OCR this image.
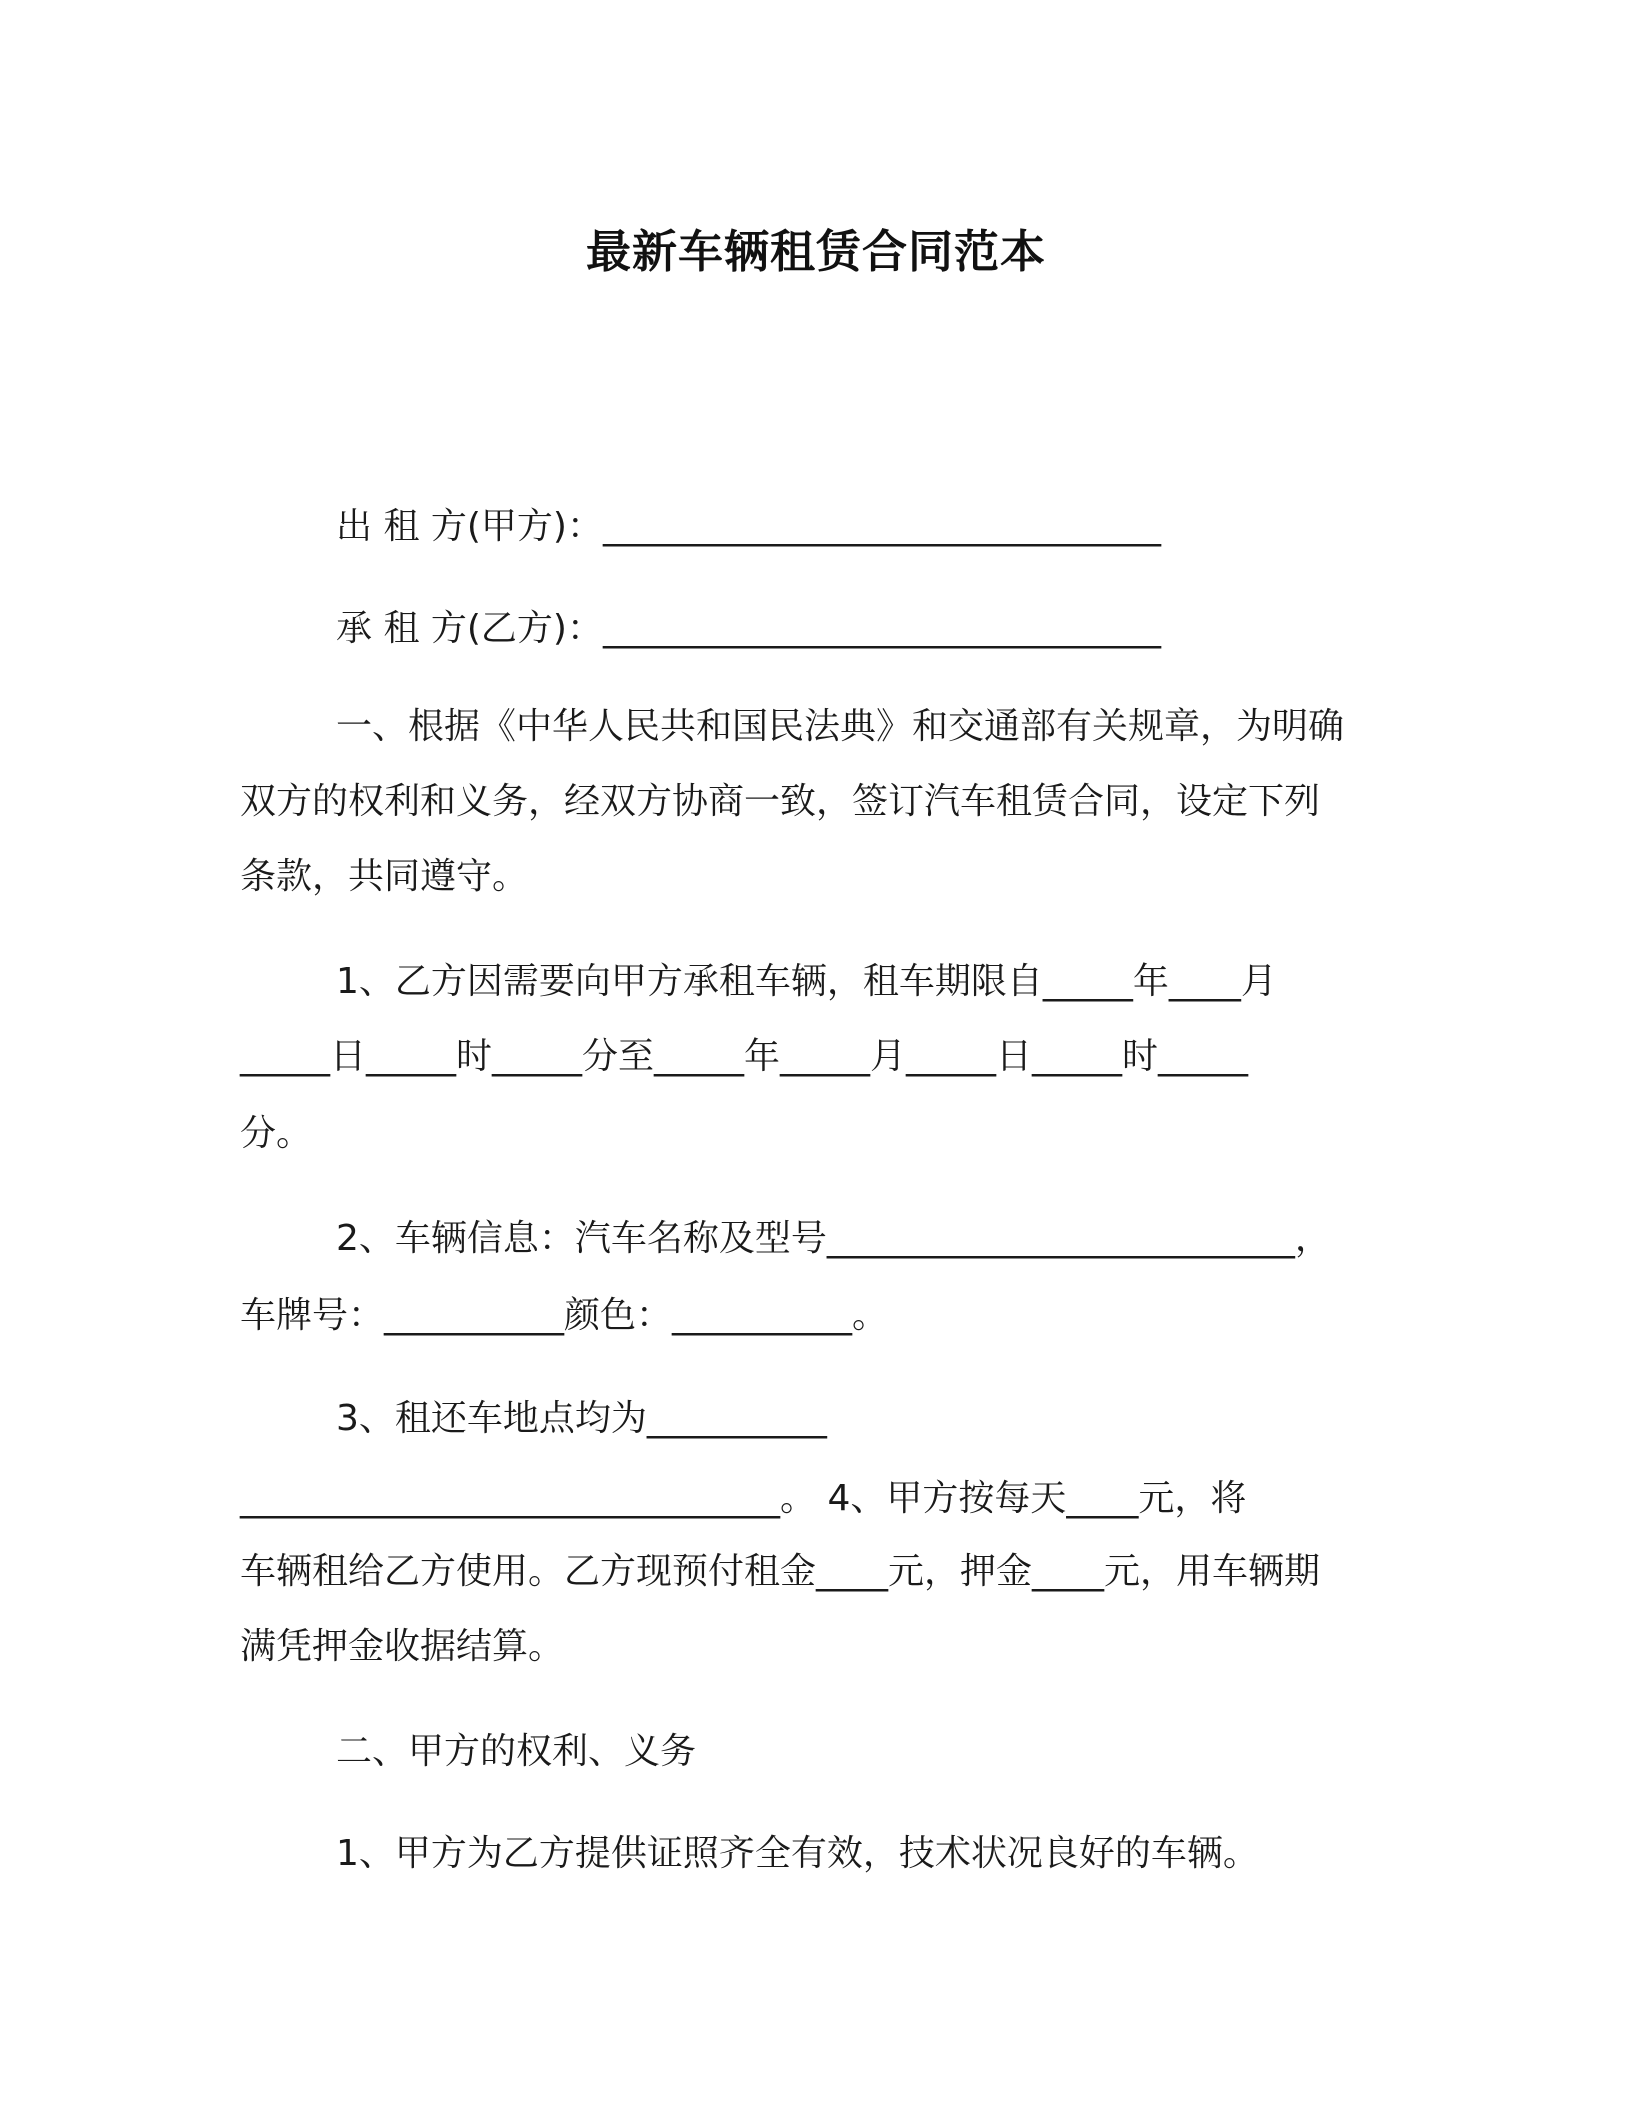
最新车辆租赁合同范本
出 租 方(甲方)：_______________________________
承 租 方(乙方)：_______________________________
一、根据《中华人民共和国民法典》和交通部有关规章，为明确
双方的权利和义务，经双方协商一致，签订汽车租赁合同，设定下列
条款，共同遵守。
1、乙方因需要向甲方承租车辆，租车期限自_____年____月
_____日_____时_____分至_____年_____月_____日_____时_____
分。
2、车辆信息：汽车名称及型号__________________________，
车牌号：__________颜色：__________。
3、租还车地点均为__________
______________________________。 4、甲方按每天____元，将
车辆租给乙方使用。乙方现预付租金____元，押金____元，用车辆期
满凭押金收据结算。
二、甲方的权利、义务
1、甲方为乙方提供证照齐全有效，技术状况良好的车辆。
